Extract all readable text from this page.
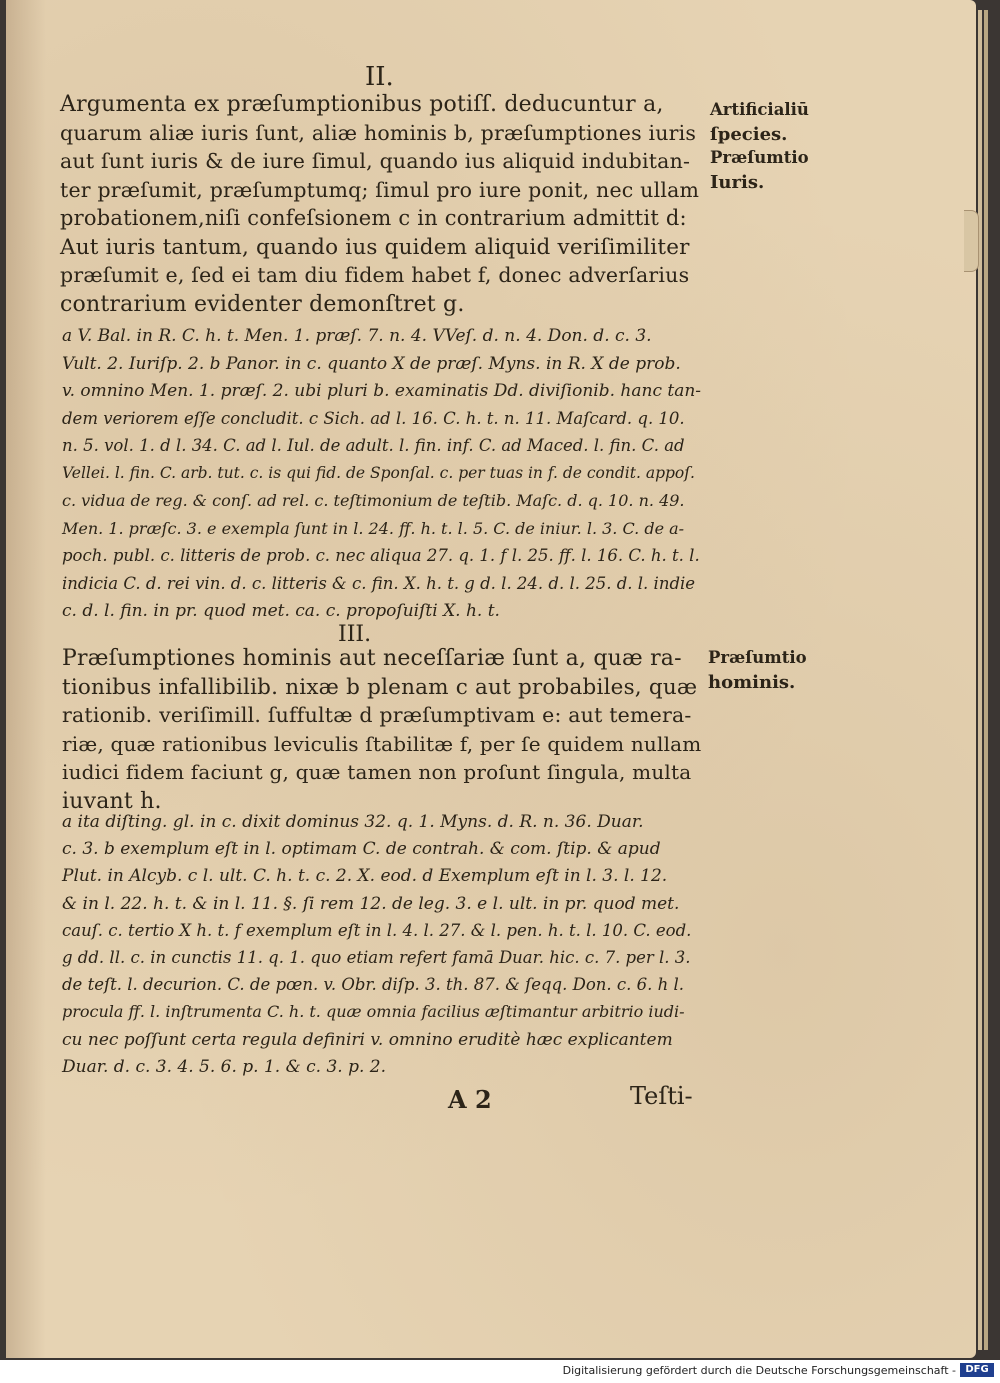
II.
Argumenta ex præſumptionibus potiſſ. deducuntur a,
quarum aliæ iuris ſunt, aliæ hominis b, præſumptiones iuris
aut ſunt iuris & de iure ſimul, quando ius aliquid indubitan-
ter præſumit, præſumptumq; ſimul pro iure ponit, nec ullam
probationem,niſi confeſsionem c in contrarium admittit d:
Aut iuris tantum, quando ius quidem aliquid veriſimiliter
præſumit e, ſed ei tam diu fidem habet f, donec adverſarius
contrarium evidenter demonſtret g.
a V. Bal. in R. C. h. t. Men. 1. præſ. 7. n. 4. VVeſ. d. n. 4. Don. d. c. 3.
Vult. 2. Iuriſp. 2. b Panor. in c. quanto X de præſ. Myns. in R. X de prob.
v. omnino Men. 1. præſ. 2. ubi pluri b. examinatis Dd. diviſionib. hanc tan-
dem veriorem eſſe concludit. c Sich. ad l. 16. C. h. t. n. 11. Maſcard. q. 10.
n. 5. vol. 1. d l. 34. C. ad l. Iul. de adult. l. fin. inf. C. ad Maced. l. fin. C. ad
Vellei. l. fin. C. arb. tut. c. is qui fid. de Sponſal. c. per tuas in f. de condit. appoſ.
c. vidua de reg. & conſ. ad rel. c. teſtimonium de teſtib. Maſc. d. q. 10. n. 49.
Men. 1. præſc. 3. e exempla ſunt in l. 24. ff. h. t. l. 5. C. de iniur. l. 3. C. de a-
poch. publ. c. litteris de prob. c. nec aliqua 27. q. 1. f l. 25. ff. l. 16. C. h. t. l.
indicia C. d. rei vin. d. c. litteris & c. fin. X. h. t. g d. l. 24. d. l. 25. d. l. indie
c. d. l. fin. in pr. quod met. ca. c. propoſuiſti X. h. t.
III.
Præſumptiones hominis aut neceſſariæ ſunt a, quæ ra-
tionibus infallibilib. nixæ b plenam c aut probabiles, quæ
rationib. veriſimill. ſuffultæ d præſumptivam e: aut temera-
riæ, quæ rationibus leviculis ſtabilitæ f, per ſe quidem nullam
iudici fidem faciunt g, quæ tamen non proſunt ſingula, multa
iuvant h.
a ita diſting. gl. in c. dixit dominus 32. q. 1. Myns. d. R. n. 36. Duar.
c. 3. b exemplum eſt in l. optimam C. de contrah. & com. ſtip. & apud
Plut. in Alcyb. c l. ult. C. h. t. c. 2. X. eod. d Exemplum eſt in l. 3. l. 12.
& in l. 22. h. t. & in l. 11. §. ſi rem 12. de leg. 3. e l. ult. in pr. quod met.
cauſ. c. tertio X h. t. f exemplum eſt in l. 4. l. 27. & l. pen. h. t. l. 10. C. eod.
g dd. ll. c. in cunctis 11. q. 1. quo etiam refert famā Duar. hic. c. 7. per l. 3.
de teſt. l. decurion. C. de pœn. v. Obr. diſp. 3. th. 87. & ſeqq. Don. c. 6. h l.
procula ff. l. inſtrumenta C. h. t. quæ omnia facilius æſtimantur arbitrio iudi-
cu nec poſſunt certa regula definiri v. omnino eruditè hæc explicantem
Duar. d. c. 3. 4. 5. 6. p. 1. & c. 3. p. 2.
Artificialiū
ſpecies.
Præſumtio
Iuris.
Præſumtio
hominis.
A 2	Teſti-
Digitalisierung gefördert durch die Deutsche Forschungsgemeinschaft - DFG
